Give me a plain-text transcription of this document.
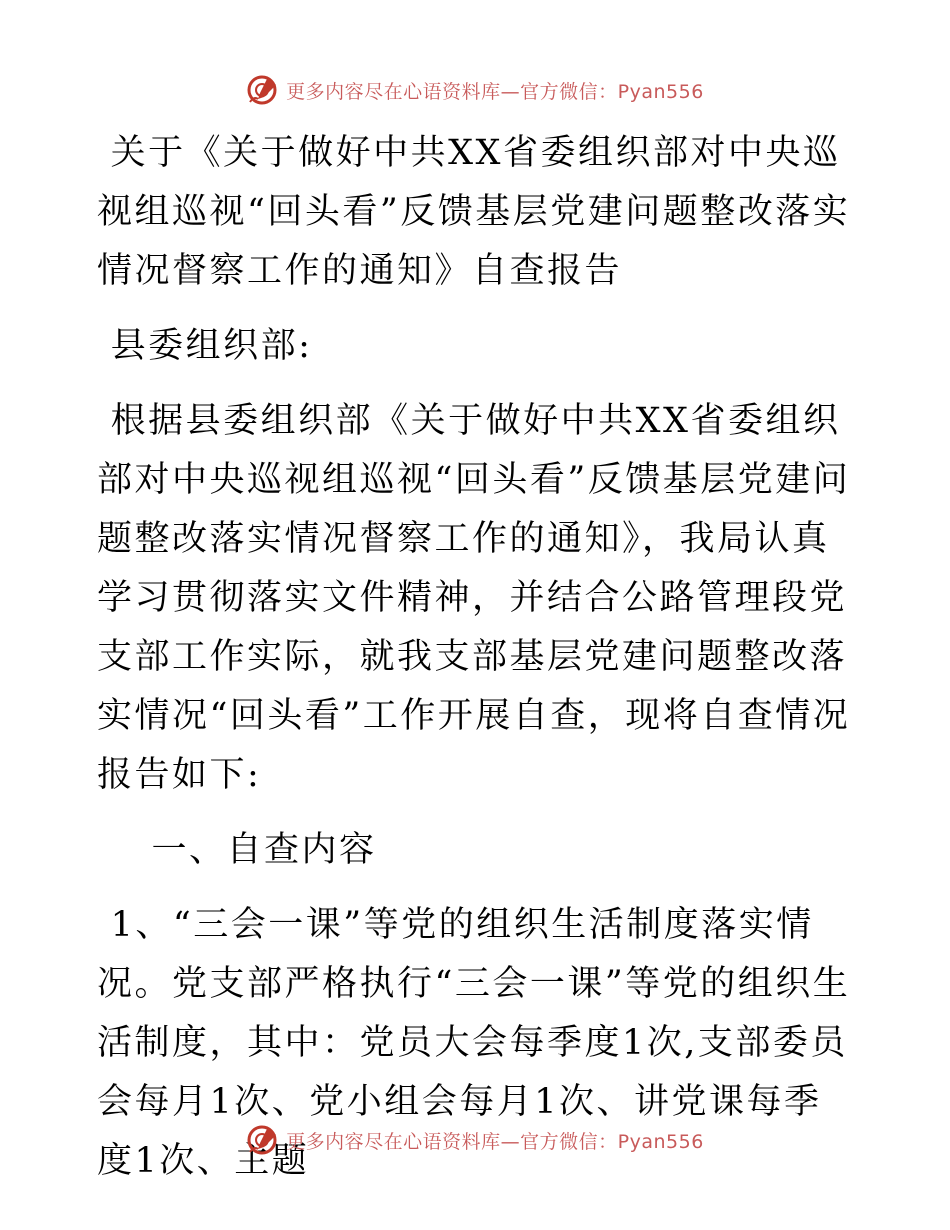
更多内容尽在心语资料库—官方微信：Pyan556

关于《关于做好中共XX省委组织部对中央巡视组巡视“回头看”反馈基层党建问题整改落实情况督察工作的通知》自查报告

县委组织部:

根据县委组织部《关于做好中共XX省委组织部对中央巡视组巡视“回头看”反馈基层党建问题整改落实情况督察工作的通知》，我局认真学习贯彻落实文件精神，并结合公路管理段党支部工作实际，就我支部基层党建问题整改落实情况“回头看”工作开展自查，现将自查情况报告如下:

一、自查内容

1、“三会一课”等党的组织生活制度落实情况。党支部严格执行“三会一课”等党的组织生活制度，其中：党员大会每季度1次,支部委员会每月1次、党小组会每月1次、讲党课每季度1次、主题

更多内容尽在心语资料库—官方微信：Pyan556
